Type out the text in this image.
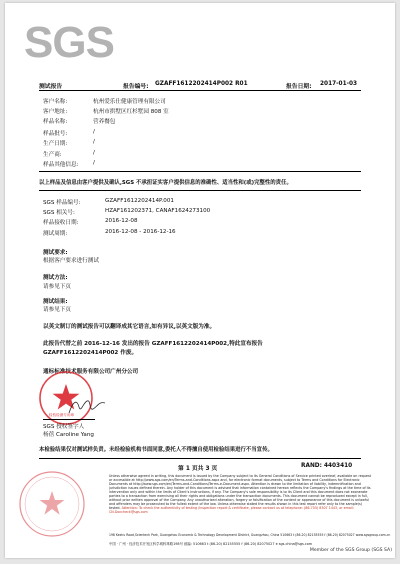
SGS
测试报告	报告编号: GZAFF1612202414P002 R01	报告日期: 2017-01-03
客户名称:	杭州爱乐仕健康管理有限公司
客户地址:	杭州市拱墅区红杉墅园 808 室
样品名称:	营养餐包
样品批号:	/
生产日期:	/
生产商:	/
样品其他信息:	/
以上样品及信息由客户提供及确认,SGS 不承担证实客户提供信息的准确性、适当性和(或)完整性的责任。
SGS 样品编号:	GZAFF1612202414P.001
SGS 相关号:	HZAF161202371, CANAF1624273100
样品接收日期:	2016-12-08
测试周期:	2016-12-08 - 2016-12-16
测试要求:
根据客户要求进行测试
测试方法:
请参见下页
测试结果:
请参见下页
以英文制订的测试报告可以翻译成其它语言,如有异议,以英文版为准。
此报告代替之前 2016-12-16 发出的报告 GZAFF1612202414P002,特此宣布报告
GZAFF1612202414P002 作废。
通标标准技术服务有限公司广州分公司
检验检测专用章
SGS 授权签字人
杨蓓 Caroline Yang
本检验结果仅对测试样负责。未经检验机构书面同意,委托人不得擅自使用检验结果进行不当宣传。
第 1 页共 3 页	RAND: 4403410
Unless otherwise agreed in writing, this document is issued by the Company subject to its General Conditions of Service printed overleaf, available on request or accessible at http://www.sgs.com/en/Terms-and-Conditions.aspx and, for electronic format documents, subject to Terms and Conditions for Electronic Documents at http://www.sgs.com/en/Terms-and-Conditions/Terms-e-Document.aspx. Attention is drawn to the limitation of liability, indemnification and jurisdiction issues defined therein. Any holder of this document is advised that information contained hereon reflects the Company's findings at the time of its intervention only and within the limits of Client's instructions, if any. The Company's sole responsibility is to its Client and this document does not exonerate parties to a transaction from exercising all their rights and obligations under the transaction documents. This document cannot be reproduced except in full, without prior written approval of the Company. Any unauthorized alteration, forgery or falsification of the content or appearance of this document is unlawful and offenders may be prosecuted to the fullest extent of the law. Unless otherwise stated the results shown in this test report refer only to the sample(s) tested. Attention: To check the authenticity of testing /inspection report & certificate, please contact us at telephone: (86-755) 8307 1443, or email: CN.Doccheck@sgs.com
198 Kezhu Road,Scientech Park, Guangzhou Economic & Technology Development District, Guangzhou, China 510663 t (86-20) 82155555 f (86-20) 82075027 www.sgsgroup.com.cn
中国 · 广州 · 经济技术开发区科学城科珠路198号 邮编: 510663 t (86-20) 82155555 f (86-20) 82075027 e sgs.china@sgs.com
Member of the SGS Group (SGS SA)
